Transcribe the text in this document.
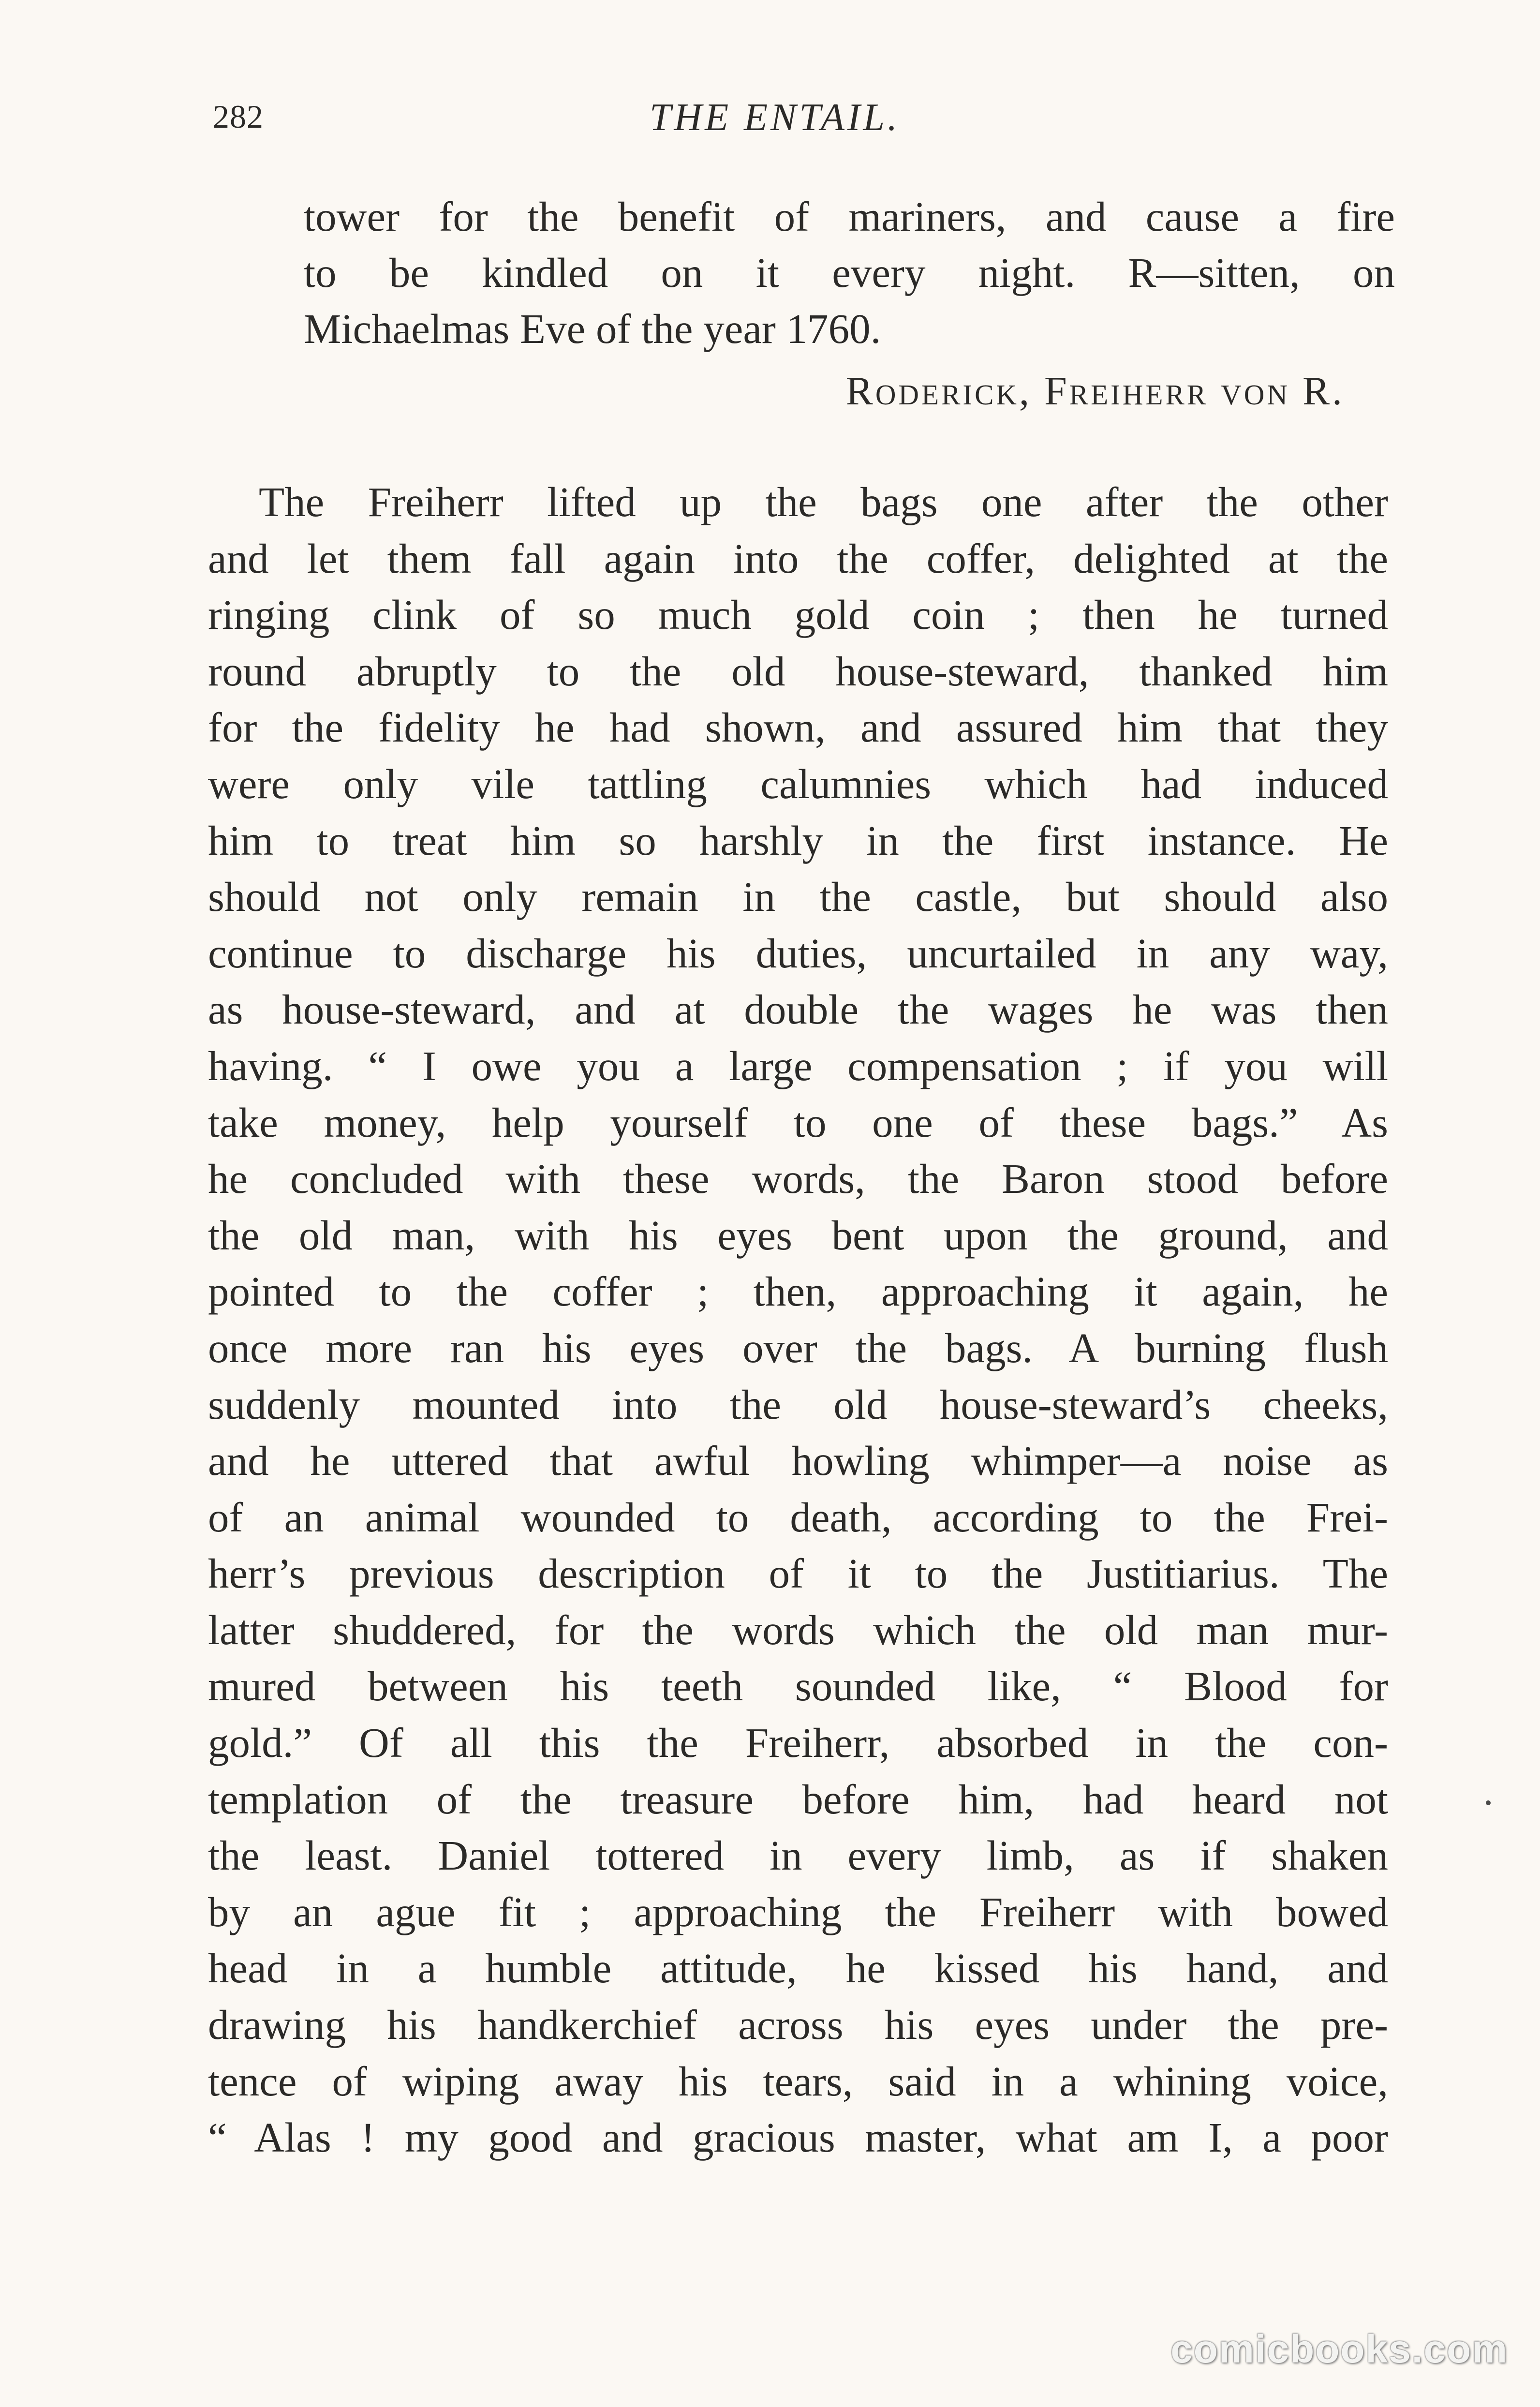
282	THE ENTAIL.
tower for the benefit of mariners, and cause a fire
to be kindled on it every night. R—sitten, on
Michaelmas Eve of the year 1760.
Roderick, Freiherr von R.
The Freiherr lifted up the bags one after the other
and let them fall again into the coffer, delighted at the
ringing clink of so much gold coin ; then he turned
round abruptly to the old house-steward, thanked him
for the fidelity he had shown, and assured him that they
were only vile tattling calumnies which had induced
him to treat him so harshly in the first instance. He
should not only remain in the castle, but should also
continue to discharge his duties, uncurtailed in any way,
as house-steward, and at double the wages he was then
having. “ I owe you a large compensation ; if you will
take money, help yourself to one of these bags.” As
he concluded with these words, the Baron stood before
the old man, with his eyes bent upon the ground, and
pointed to the coffer ; then, approaching it again, he
once more ran his eyes over the bags. A burning flush
suddenly mounted into the old house-steward’s cheeks,
and he uttered that awful howling whimper—a noise as
of an animal wounded to death, according to the Frei-
herr’s previous description of it to the Justitiarius. The
latter shuddered, for the words which the old man mur-
mured between his teeth sounded like, “ Blood for
gold.” Of all this the Freiherr, absorbed in the con-
templation of the treasure before him, had heard not
the least. Daniel tottered in every limb, as if shaken
by an ague fit ; approaching the Freiherr with bowed
head in a humble attitude, he kissed his hand, and
drawing his handkerchief across his eyes under the pre-
tence of wiping away his tears, said in a whining voice,
“ Alas ! my good and gracious master, what am I, a poor
comicbooks.com
